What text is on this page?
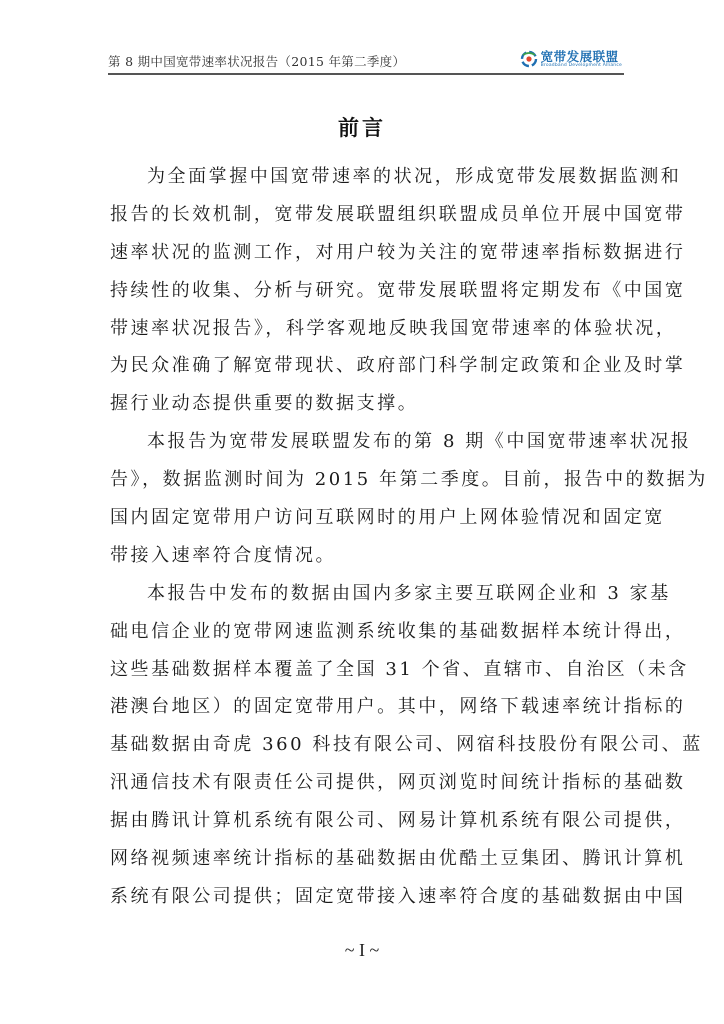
第 8 期中国宽带速率状况报告（2015 年第二季度）	宽带发展联盟
Broadband Development Alliance
前言
为全面掌握中国宽带速率的状况，形成宽带发展数据监测和
报告的长效机制，宽带发展联盟组织联盟成员单位开展中国宽带
速率状况的监测工作，对用户较为关注的宽带速率指标数据进行
持续性的收集、分析与研究。宽带发展联盟将定期发布《中国宽
带速率状况报告》，科学客观地反映我国宽带速率的体验状况，
为民众准确了解宽带现状、政府部门科学制定政策和企业及时掌
握行业动态提供重要的数据支撑。
本报告为宽带发展联盟发布的第 8 期《中国宽带速率状况报
告》，数据监测时间为 2015 年第二季度。目前，报告中的数据为
国内固定宽带用户访问互联网时的用户上网体验情况和固定宽
带接入速率符合度情况。
本报告中发布的数据由国内多家主要互联网企业和 3 家基
础电信企业的宽带网速监测系统收集的基础数据样本统计得出，
这些基础数据样本覆盖了全国 31 个省、直辖市、自治区（未含
港澳台地区）的固定宽带用户。其中，网络下载速率统计指标的
基础数据由奇虎 360 科技有限公司、网宿科技股份有限公司、蓝
汛通信技术有限责任公司提供，网页浏览时间统计指标的基础数
据由腾讯计算机系统有限公司、网易计算机系统有限公司提供，
网络视频速率统计指标的基础数据由优酷土豆集团、腾讯计算机
系统有限公司提供；固定宽带接入速率符合度的基础数据由中国
~ I ~
